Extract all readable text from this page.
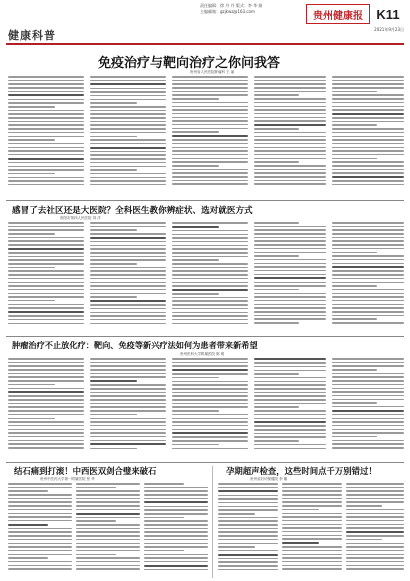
健康科普
责任编辑：徐 丹 丹 版式：李 华 娟
主编邮箱：gzjkwz@163.com	贵州健康报	K11
2021年9月23日
免疫治疗与靶向治疗之你问我答
贵州省人民医院肿瘤科 王 丽
感冒了去社区还是大医院？全科医生教你辨症状、选对就医方式
贵阳市第四人民医院 刘 洋
肿瘤治疗不止放化疗：靶向、免疫等新兴疗法如何为患者带来新希望
贵州医科大学附属医院 陈 明
结石痛到打滚！中西医双剑合璧来破石
贵州中医药大学第一附属医院 张 华
孕期超声检查，这些时间点千万别错过！
贵州省妇幼保健院 李 娜
